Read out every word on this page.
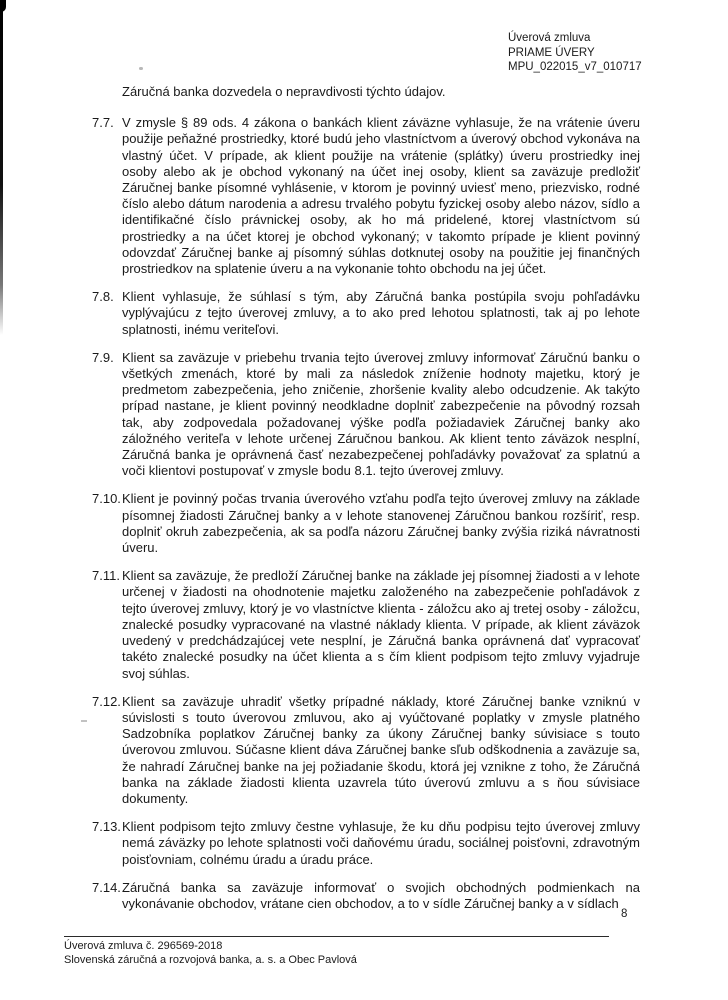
Úverová zmluva
PRIAME ÚVERY
MPU_022015_v7_010717
Záručná banka dozvedela o nepravdivosti týchto údajov.
7.7. V zmysle § 89 ods. 4 zákona o bankách klient záväzne vyhlasuje, že na vrátenie úveru použije peňažné prostriedky, ktoré budú jeho vlastníctvom a úverový obchod vykonáva na vlastný účet. V prípade, ak klient použije na vrátenie (splátky) úveru prostriedky inej osoby alebo ak je obchod vykonaný na účet inej osoby, klient sa zaväzuje predložiť Záručnej banke písomné vyhlásenie, v ktorom je povinný uviesť meno, priezvisko, rodné číslo alebo dátum narodenia a adresu trvalého pobytu fyzickej osoby alebo názov, sídlo a identifikačné číslo právnickej osoby, ak ho má pridelené, ktorej vlastníctvom sú prostriedky a na účet ktorej je obchod vykonaný; v takomto prípade je klient povinný odovzdať Záručnej banke aj písomný súhlas dotknutej osoby na použitie jej finančných prostriedkov na splatenie úveru a na vykonanie tohto obchodu na jej účet.
7.8. Klient vyhlasuje, že súhlasí s tým, aby Záručná banka postúpila svoju pohľadávku vyplývajúcu z tejto úverovej zmluvy, a to ako pred lehotou splatnosti, tak aj po lehote splatnosti, inému veriteľovi.
7.9. Klient sa zaväzuje v priebehu trvania tejto úverovej zmluvy informovať Záručnú banku o všetkých zmenách, ktoré by mali za následok zníženie hodnoty majetku, ktorý je predmetom zabezpečenia, jeho zničenie, zhoršenie kvality alebo odcudzenie. Ak takýto prípad nastane, je klient povinný neodkladne doplniť zabezpečenie na pôvodný rozsah tak, aby zodpovedala požadovanej výške podľa požiadaviek Záručnej banky ako záložného veriteľa v lehote určenej Záručnou bankou. Ak klient tento záväzok nesplní, Záručná banka je oprávnená časť nezabezpečenej pohľadávky považovať za splatnú a voči klientovi postupovať v zmysle bodu 8.1. tejto úverovej zmluvy.
7.10. Klient je povinný počas trvania úverového vzťahu podľa tejto úverovej zmluvy na základe písomnej žiadosti Záručnej banky a v lehote stanovenej Záručnou bankou rozšíriť, resp. doplniť okruh zabezpečenia, ak sa podľa názoru Záručnej banky zvýšia riziká návratnosti úveru.
7.11. Klient sa zaväzuje, že predloží Záručnej banke na základe jej písomnej žiadosti a v lehote určenej v žiadosti na ohodnotenie majetku založeného na zabezpečenie pohľadávok z tejto úverovej zmluvy, ktorý je vo vlastníctve klienta - záložcu ako aj tretej osoby - záložcu, znalecké posudky vypracované na vlastné náklady klienta. V prípade, ak klient záväzok uvedený v predchádzajúcej vete nesplní, je Záručná banka oprávnená dať vypracovať takéto znalecké posudky na účet klienta a s čím klient podpisom tejto zmluvy vyjadruje svoj súhlas.
7.12. Klient sa zaväzuje uhradiť všetky prípadné náklady, ktoré Záručnej banke vzniknú v súvislosti s touto úverovou zmluvou, ako aj vyúčtované poplatky v zmysle platného Sadzobníka poplatkov Záručnej banky za úkony Záručnej banky súvisiace s touto úverovou zmluvou. Súčasne klient dáva Záručnej banke sľub odškodnenia a zaväzuje sa, že nahradí Záručnej banke na jej požiadanie škodu, ktorá jej vznikne z toho, že Záručná banka na základe žiadosti klienta uzavrela túto úverovú zmluvu a s ňou súvisiace dokumenty.
7.13. Klient podpisom tejto zmluvy čestne vyhlasuje, že ku dňu podpisu tejto úverovej zmluvy nemá záväzky po lehote splatnosti voči daňovému úradu, sociálnej poisťovni, zdravotným poisťovniam, colnému úradu a úradu práce.
7.14. Záručná banka sa zaväzuje informovať o svojich obchodných podmienkach na vykonávanie obchodov, vrátane cien obchodov, a to v sídle Záručnej banky a v sídlach
8
Úverová zmluva č. 296569-2018
Slovenská záručná a rozvojová banka, a. s. a Obec Pavlová
